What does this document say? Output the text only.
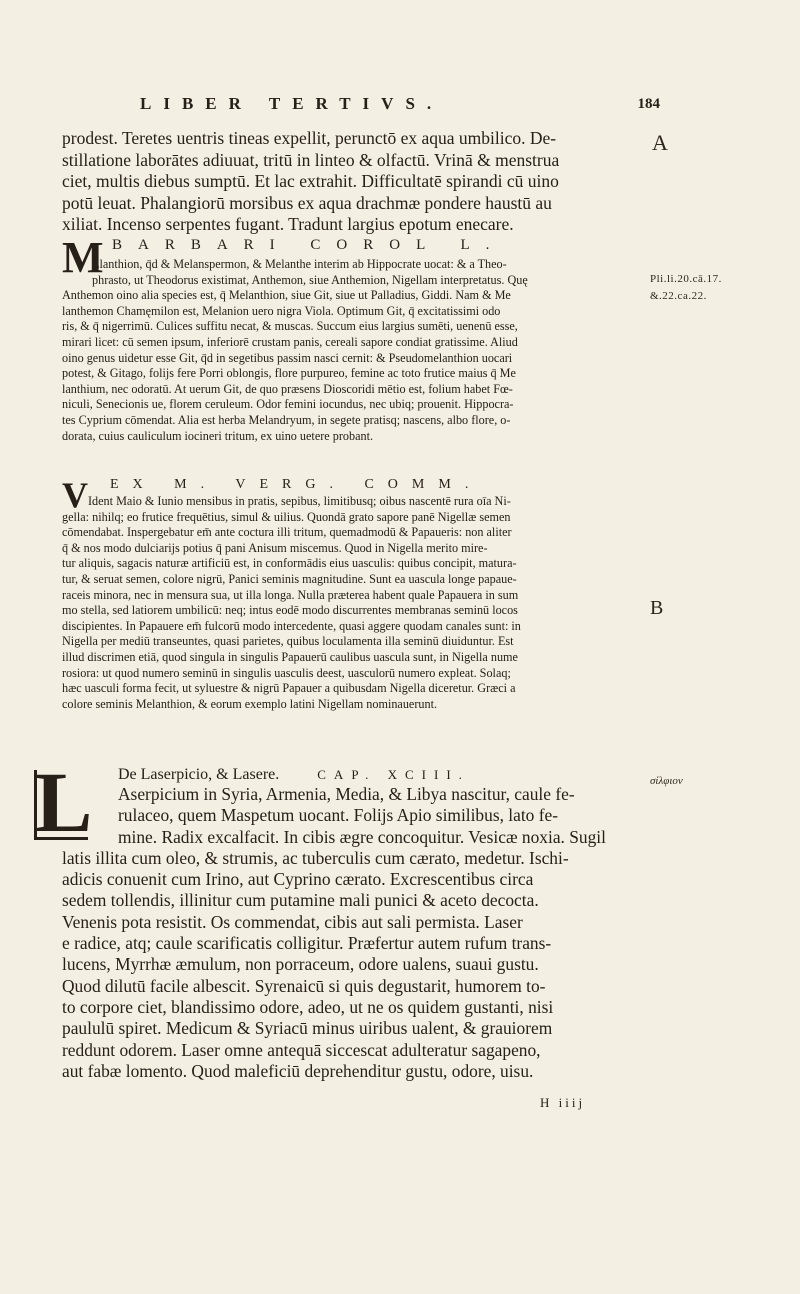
LIBER TERTIVS.	184
prodest. Teretes uentris tineas expellit, perunctō ex aqua umbilico. De-
stillatione laborātes adiuuat, tritū in linteo & olfactū. Vrinā & menstrua
ciet, multis diebus sumptū. Et lac extrahit. Difficultatē spirandi cū uino
potū leuat. Phalangiorū morsibus ex aqua drachmæ pondere haustū au
xiliat. Incenso serpentes fugant. Tradunt largius epotum enecare.
M BARBARI COROL L.
Elanthion, q̄d & Melanspermon, & Melanthe interim ab Hippocrate uocat: & a Theo-
phrasto, ut Theodorus existimat, Anthemon, siue Anthemion, Nigellam interpretatus. Quę
Anthemon oino alia species est, q̄ Melanthion, siue Git, siue ut Palladius, Giddi. Nam & Me
lanthemon Chamęmilon est, Melanion uero nigra Viola. Optimum Git, q̄ excitatissimi odo
ris, & q̄ nigerrimū. Culices suffitu necat, & muscas. Succum eius largius sumēti, uenenū esse,
mirari licet: cū semen ipsum, inferiorē crustam panis, cereali sapore condiat gratissime. Aliud
oino genus uidetur esse Git, q̄d in segetibus passim nasci cernit: & Pseudomelanthion uocari
potest, & Gitago, folijs fere Porri oblongis, flore purpureo, femine ac toto frutice maius q̄ Me
lanthium, nec odoratū. At uerum Git, de quo præsens Dioscoridi mētio est, folium habet Fœ-
niculi, Senecionis ue, florem ceruleum. Odor femini iocundus, nec ubiq; prouenit. Hippocra-
tes Cyprium cōmendat. Alia est herba Melandryum, in segete pratisq; nascens, albo flore, o-
dorata, cuius cauliculum iocineri tritum, ex uino uetere probant.
V EX M. VERG. COMM.
Ident Maio & Iunio mensibus in pratis, sepibus, limitibusq; oibus nascentē rura oīa Ni-
gella: nihilq; eo frutice frequētius, simul & uilius. Quondā grato sapore panē Nigellæ semen
cōmendabat. Inspergebatur em̄ ante coctura illi tritum, quemadmodū & Papaueris: non aliter
q̄ & nos modo dulciarijs potius q̄ pani Anisum miscemus. Quod in Nigella merito mire-
tur aliquis, sagacis naturæ artificiū est, in conformādis eius uasculis: quibus concipit, matura-
tur, & seruat semen, colore nigrū, Panici seminis magnitudine. Sunt ea uascula longe papaue-
raceis minora, nec in mensura sua, ut illa longa. Nulla præterea habent quale Papauera in sum
mo stella, sed latiorem umbilicū: neq; intus eodē modo discurrentes membranas seminū locos
discipientes. In Papauere em̄ fulcorū modo intercedente, quasi aggere quodam canales sunt: in
Nigella per mediū transeuntes, quasi parietes, quibus loculamenta illa seminū diuiduntur. Est
illud discrimen etiā, quod singula in singulis Papauerū caulibus uascula sunt, in Nigella nume
rosiora: ut quod numero seminū in singulis uasculis deest, uasculorū numero expleat. Solaq;
hæc uasculi forma fecit, ut syluestre & nigrū Papauer a quibusdam Nigella diceretur. Græci a
colore seminis Melanthion, & eorum exemplo latini Nigellam nominauerunt.
L De Laserpicio, & Lasere.	CAP. XCIII.
Aserpicium in Syria, Armenia, Media, & Libya nascitur, caule fe-
rulaceo, quem Maspetum uocant. Folijs Apio similibus, lato fe-
mine. Radix excalfacit. In cibis ægre concoquitur. Vesicæ noxia. Sugil
latis illita cum oleo, & strumis, ac tuberculis cum cærato, medetur. Ischi-
adicis conuenit cum Irino, aut Cyprino cærato. Excrescentibus circa
sedem tollendis, illinitur cum putamine mali punici & aceto decocta.
Venenis pota resistit. Os commendat, cibis aut sali permista. Laser
e radice, atq; caule scarificatis colligitur. Præfertur autem rufum trans-
lucens, Myrrhæ æmulum, non porraceum, odore ualens, suaui gustu.
Quod dilutū facile albescit. Syrenaicū si quis degustarit, humorem to-
to corpore ciet, blandissimo odore, adeo, ut ne os quidem gustanti, nisi
paululū spiret. Medicum & Syriacū minus uiribus ualent, & grauiorem
reddunt odorem. Laser omne antequā siccescat adulteratur sagapeno,
aut fabæ lomento. Quod maleficiū deprehenditur gustu, odore, uisu.
H iiij
A
Pli.li.20.cā.17.
&.22.ca.22.
B
σίλφιον
